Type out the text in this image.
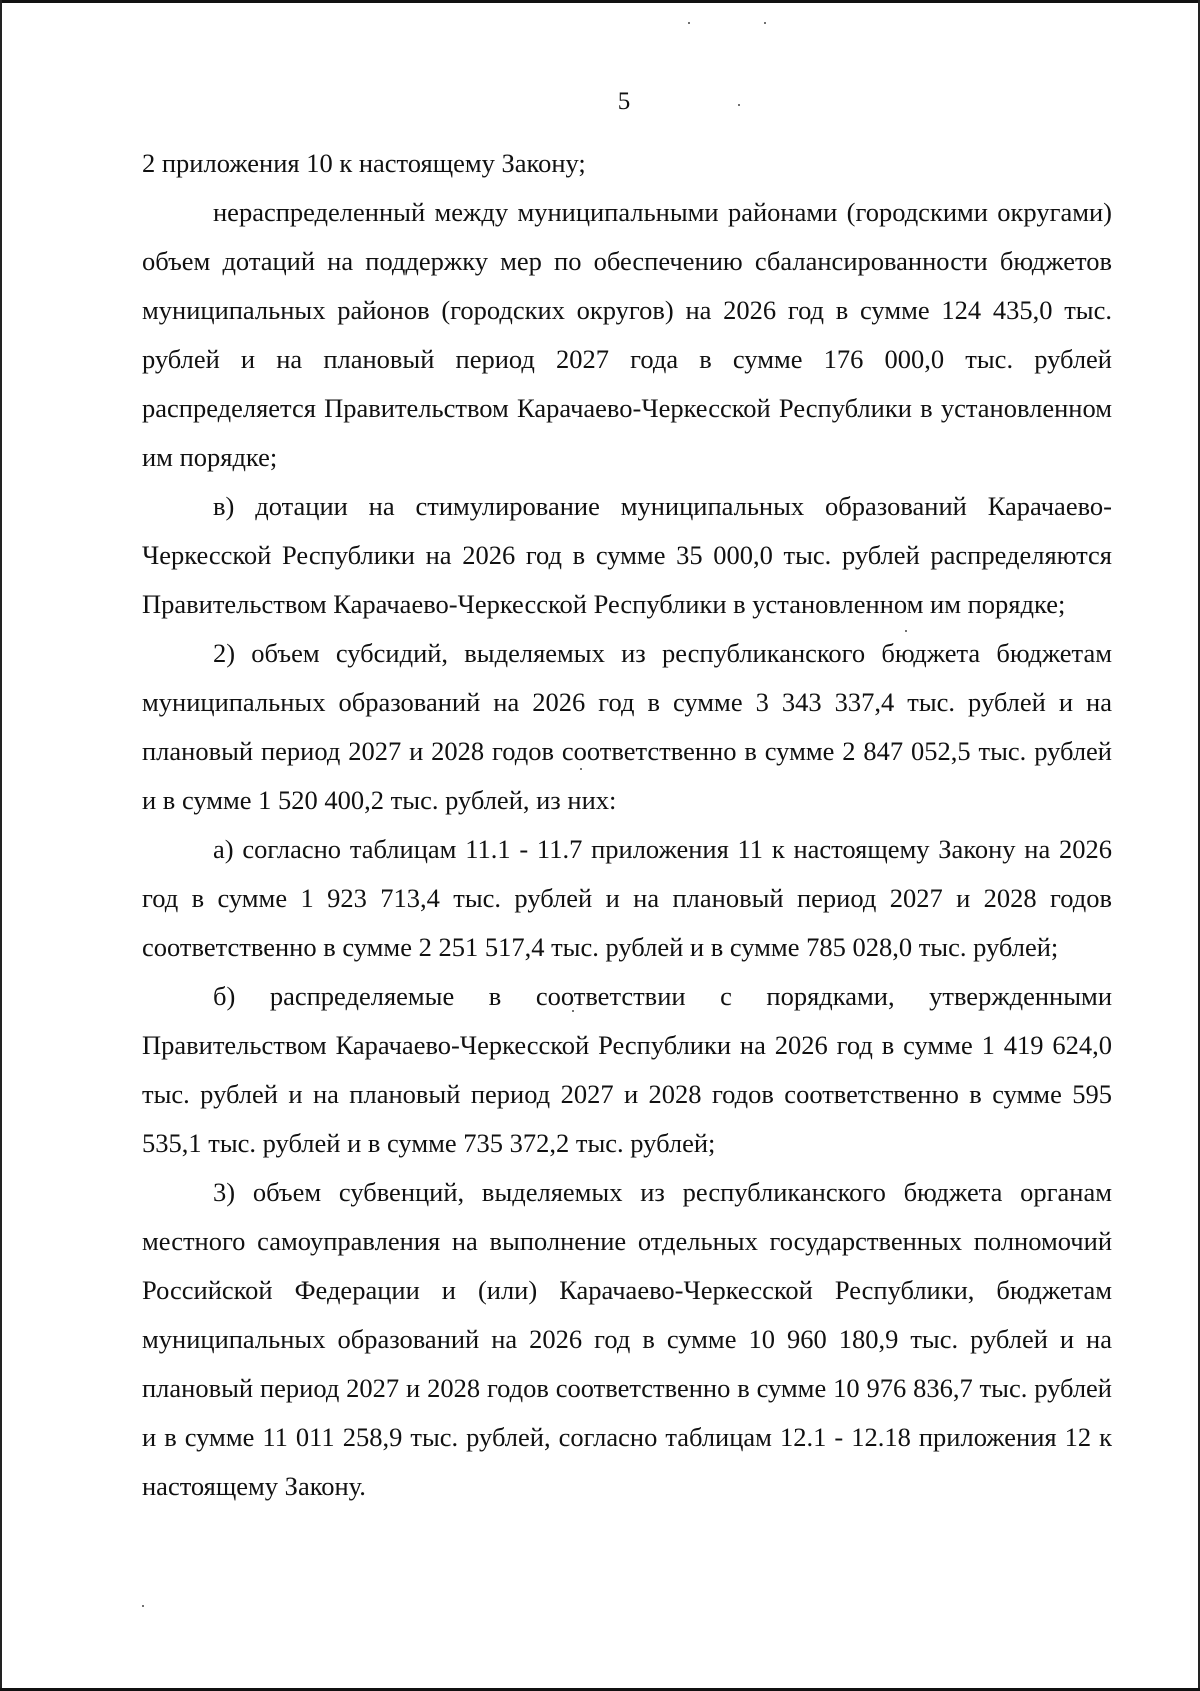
5

2 приложения 10 к настоящему Закону;

нераспределенный между муниципальными районами (городскими округами) объем дотаций на поддержку мер по обеспечению сбалансированности бюджетов муниципальных районов (городских округов) на 2026 год в сумме 124 435,0 тыс. рублей и на плановый период 2027 года в сумме 176 000,0 тыс. рублей распределяется Правительством Карачаево-Черкесской Республики в установленном им порядке;

в) дотации на стимулирование муниципальных образований Карачаево-Черкесской Республики на 2026 год в сумме 35 000,0 тыс. рублей распределяются Правительством Карачаево-Черкесской Республики в установленном им порядке;

2) объем субсидий, выделяемых из республиканского бюджета бюджетам муниципальных образований на 2026 год в сумме 3 343 337,4 тыс. рублей и на плановый период 2027 и 2028 годов соответственно в сумме 2 847 052,5 тыс. рублей и в сумме 1 520 400,2 тыс. рублей, из них:

а) согласно таблицам 11.1 - 11.7 приложения 11 к настоящему Закону на 2026 год в сумме 1 923 713,4 тыс. рублей и на плановый период 2027 и 2028 годов соответственно в сумме 2 251 517,4 тыс. рублей и в сумме 785 028,0 тыс. рублей;

б) распределяемые в соответствии с порядками, утвержденными Правительством Карачаево-Черкесской Республики на 2026 год в сумме 1 419 624,0 тыс. рублей и на плановый период 2027 и 2028 годов соответственно в сумме 595 535,1 тыс. рублей и в сумме 735 372,2 тыс. рублей;

3) объем субвенций, выделяемых из республиканского бюджета органам местного самоуправления на выполнение отдельных государственных полномочий Российской Федерации и (или) Карачаево-Черкесской Республики, бюджетам муниципальных образований на 2026 год в сумме 10 960 180,9 тыс. рублей и на плановый период 2027 и 2028 годов соответственно в сумме 10 976 836,7 тыс. рублей и в сумме 11 011 258,9 тыс. рублей, согласно таблицам 12.1 - 12.18 приложения 12 к настоящему Закону.
